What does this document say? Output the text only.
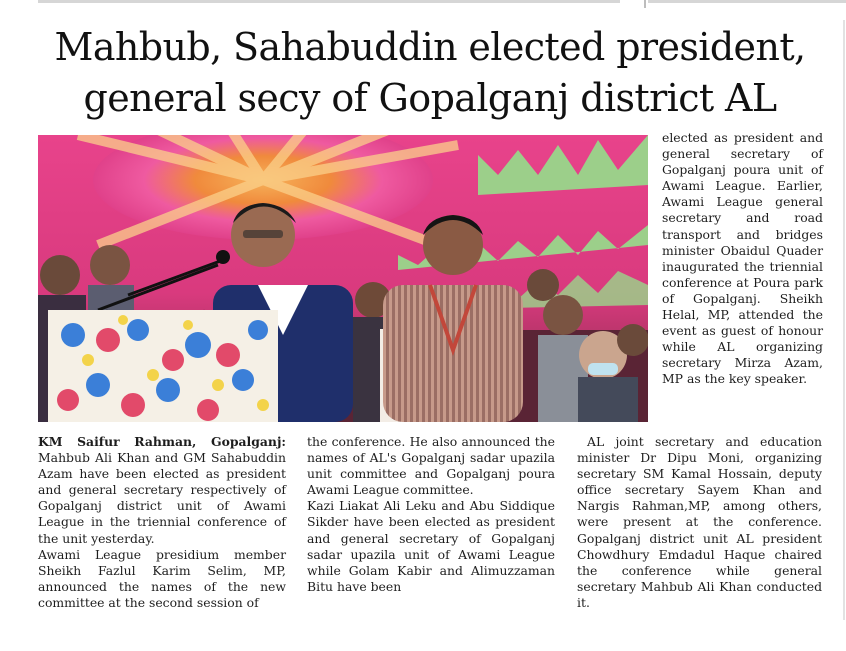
Mahbub, Sahabuddin elected president, general secy of Gopalganj district AL

KM Saifur Rahman, Gopalganj: Mahbub Ali Khan and GM Sahabuddin Azam have been elected as president and general secretary respectively of Gopalganj district unit of Awami League in the triennial conference of the unit yesterday.

Awami League presidium member Sheikh Fazlul Karim Selim, MP, announced the names of the new committee at the second session of

the conference. He also announced the names of AL's Gopalganj sadar upazila unit committee and Gopalganj poura Awami League committee.

Kazi Liakat Ali Leku and Abu Siddique Sikder have been elected as president and general secretary of Gopalganj sadar upazila unit of Awami League while Golam Kabir and Alimuzzaman Bitu have been

elected as president and general secretary of Gopalganj poura unit of Awami League. Earlier, Awami League general secretary and road transport and bridges minister Obaidul Quader inaugurated the triennial conference at Poura park of Gopalganj. Sheikh Helal, MP, attended the event as guest of honour while AL organizing secretary Mirza Azam, MP as the key speaker.

AL joint secretary and education minister Dr Dipu Moni, organizing secretary SM Kamal Hossain, deputy office secretary Sayem Khan and Nargis Rahman,MP, among others, were present at the conference. Gopalganj district unit AL president Chowdhury Emdadul Haque chaired the conference while general secretary Mahbub Ali Khan conducted it.
